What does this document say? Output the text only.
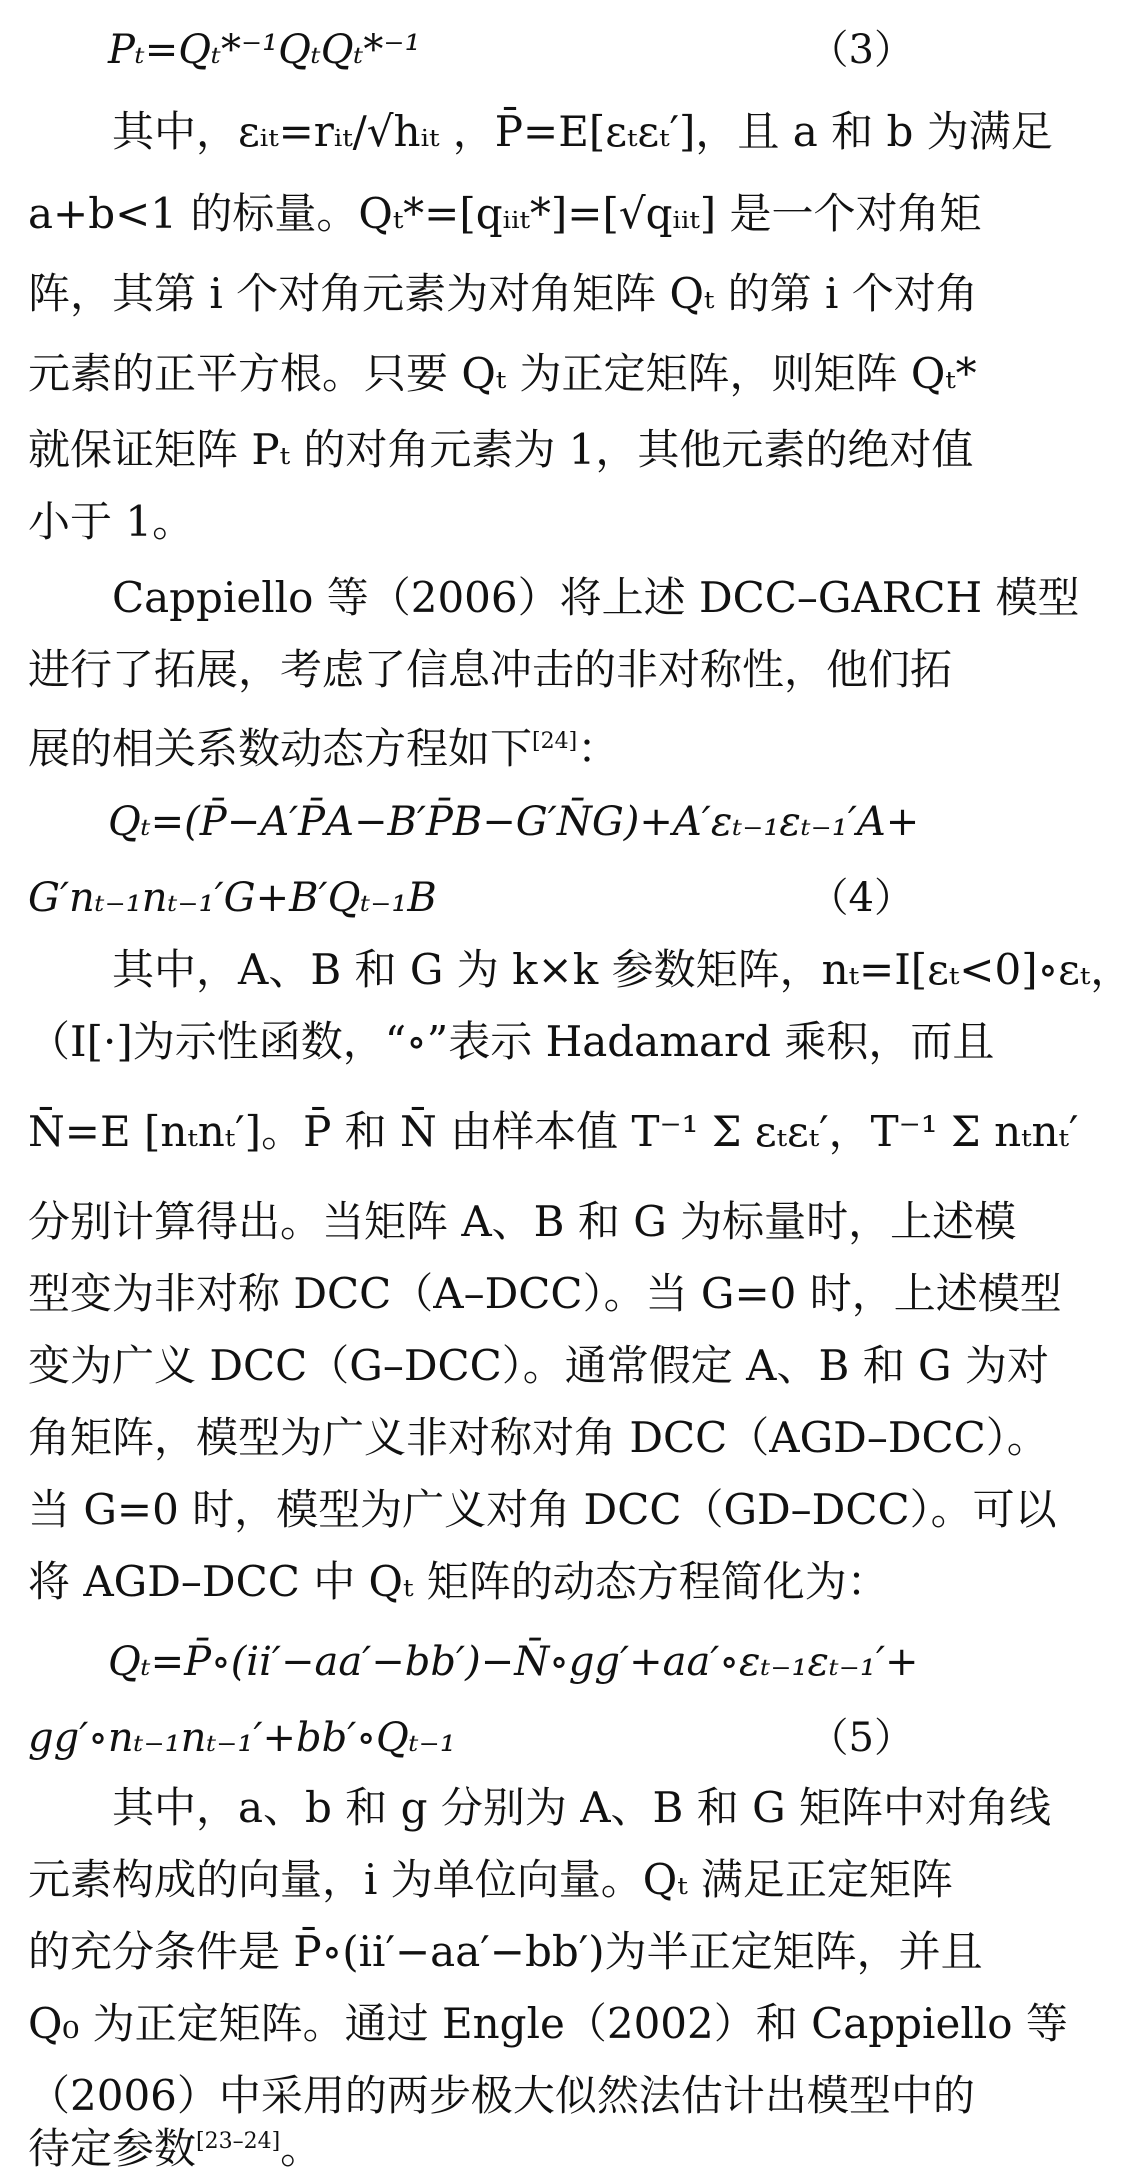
Pₜ=Qₜ*⁻¹QₜQₜ*⁻¹	（3）
其中，εᵢₜ=rᵢₜ/√hᵢₜ ，P̄=E[εₜεₜ′]，且 a 和 b 为满足
a+b<1 的标量。Qₜ*=[qᵢᵢₜ*]=[√qᵢᵢₜ] 是一个对角矩
阵，其第 i 个对角元素为对角矩阵 Qₜ 的第 i 个对角
元素的正平方根。只要 Qₜ 为正定矩阵，则矩阵 Qₜ*
就保证矩阵 Pₜ 的对角元素为 1，其他元素的绝对值
小于 1。
Cappiello 等（2006）将上述 DCC–GARCH 模型
进行了拓展，考虑了信息冲击的非对称性，他们拓
展的相关系数动态方程如下[24]：
Qₜ=(P̄−A′P̄A−B′P̄B−G′N̄G)+A′εₜ₋₁εₜ₋₁′A+
G′nₜ₋₁nₜ₋₁′G+B′Qₜ₋₁B	（4）
其中，A、B 和 G 为 k×k 参数矩阵，nₜ=I[εₜ<0]∘εₜ，
（I[·]为示性函数，“∘”表示 Hadamard 乘积，而且
N̄=E [nₜnₜ′]。P̄ 和 N̄ 由样本值 T⁻¹ Σ εₜεₜ′，T⁻¹ Σ nₜnₜ′
分别计算得出。当矩阵 A、B 和 G 为标量时，上述模
型变为非对称 DCC（A–DCC）。当 G=0 时，上述模型
变为广义 DCC（G–DCC）。通常假定 A、B 和 G 为对
角矩阵，模型为广义非对称对角 DCC（AGD–DCC）。
当 G=0 时，模型为广义对角 DCC（GD–DCC）。可以
将 AGD–DCC 中 Qₜ 矩阵的动态方程简化为：
Qₜ=P̄∘(ii′−aa′−bb′)−N̄∘gg′+aa′∘εₜ₋₁εₜ₋₁′+
gg′∘nₜ₋₁nₜ₋₁′+bb′∘Qₜ₋₁	（5）
其中，a、b 和 g 分别为 A、B 和 G 矩阵中对角线
元素构成的向量，i 为单位向量。Qₜ 满足正定矩阵
的充分条件是 P̄∘(ii′−aa′−bb′)为半正定矩阵，并且
Q₀ 为正定矩阵。通过 Engle（2002）和 Cappiello 等
（2006）中采用的两步极大似然法估计出模型中的
待定参数[23–24]。
